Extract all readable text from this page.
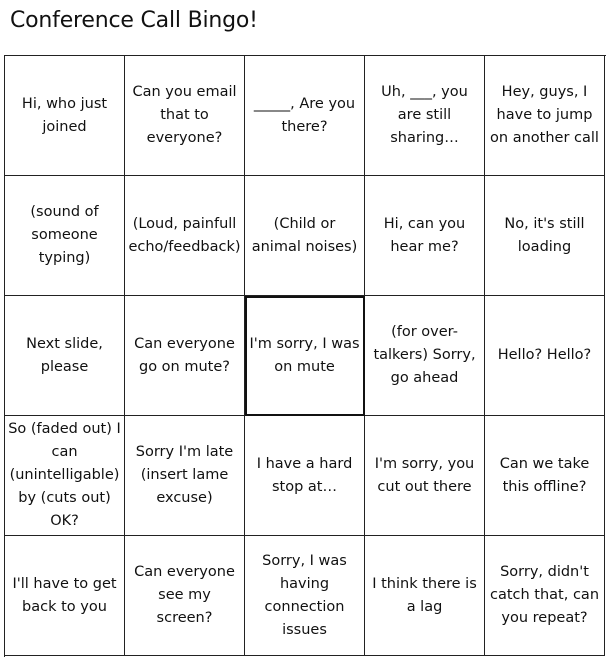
Conference Call Bingo!
Hi, who just joined
Can you email that to everyone?
_____, Are you there?
Uh, ___, you are still sharing…
Hey, guys, I have to jump on another call
(sound of someone typing)
(Loud, painfull echo/feedback)
(Child or animal noises)
Hi, can you hear me?
No, it's still loading
Next slide, please
Can everyone go on mute?
I'm sorry, I was on mute
(for over-talkers) Sorry, go ahead
Hello? Hello?
So (faded out) I can (unintelligable) by (cuts out) OK?
Sorry I'm late (insert lame excuse)
I have a hard stop at…
I'm sorry, you cut out there
Can we take this offline?
I'll have to get back to you
Can everyone see my screen?
Sorry, I was having connection issues
I think there is a lag
Sorry, didn't catch that, can you repeat?
